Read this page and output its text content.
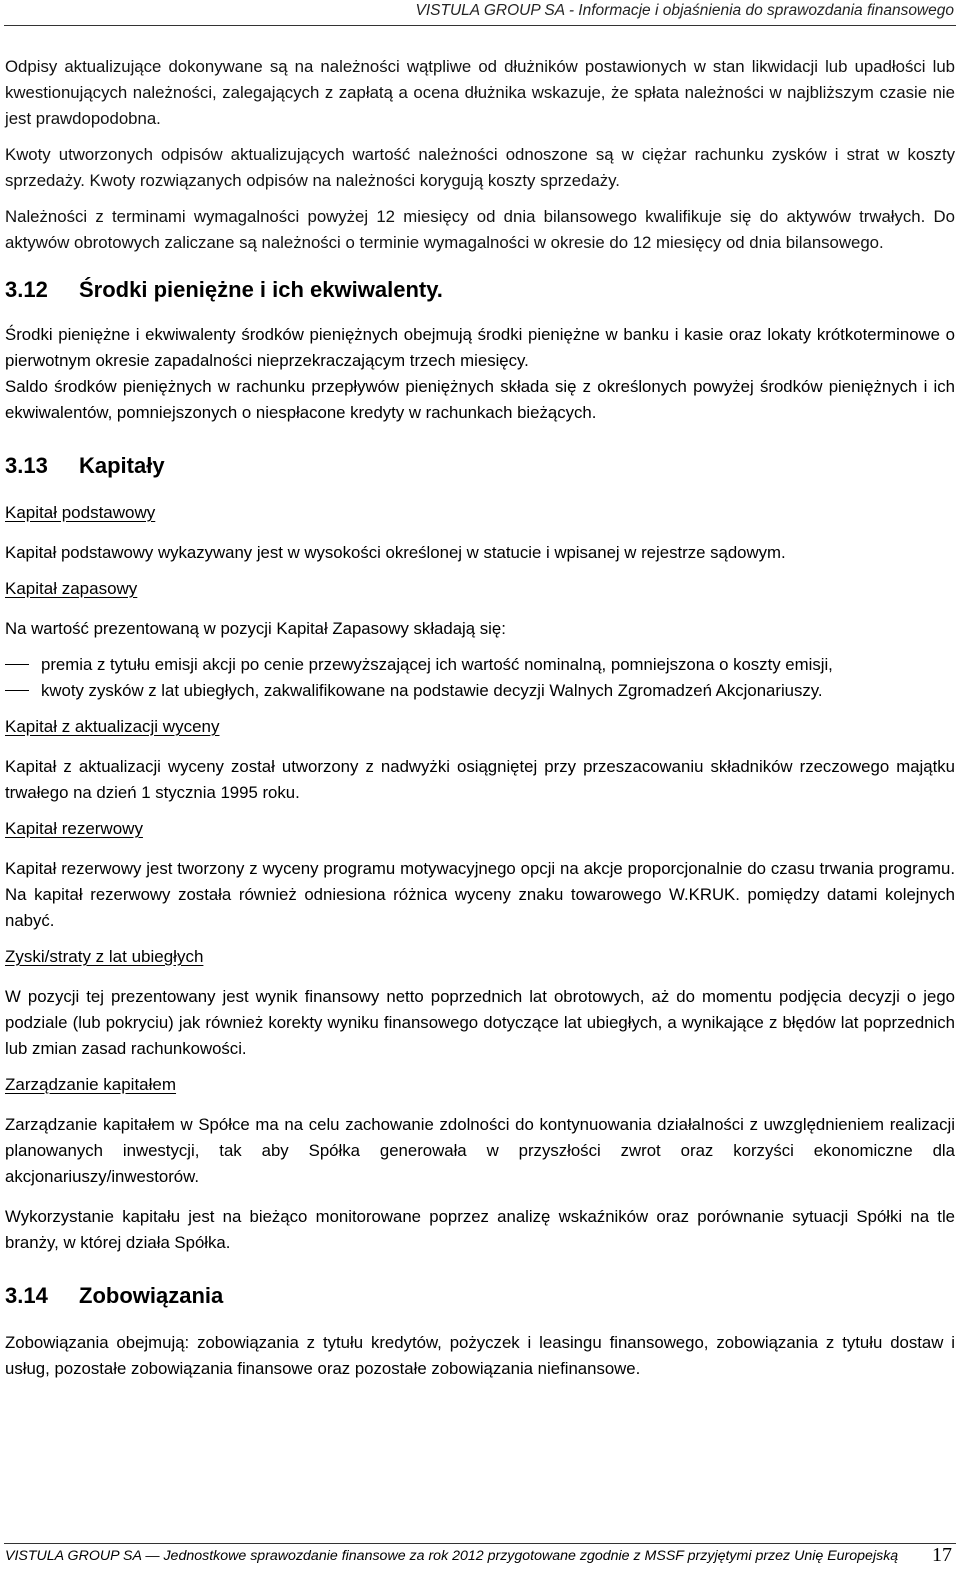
VISTULA GROUP SA - Informacje i objaśnienia do sprawozdania finansowego

Odpisy aktualizujące dokonywane są na należności wątpliwe od dłużników postawionych w stan likwidacji lub upadłości lub kwestionujących należności, zalegających z zapłatą a ocena dłużnika wskazuje, że spłata należności w najbliższym czasie nie jest prawdopodobna.

Kwoty utworzonych odpisów aktualizujących wartość należności odnoszone są w ciężar rachunku zysków i strat w koszty sprzedaży. Kwoty rozwiązanych odpisów na należności korygują koszty sprzedaży.

Należności z terminami wymagalności powyżej 12 miesięcy od dnia bilansowego kwalifikuje się do aktywów trwałych. Do aktywów obrotowych zaliczane są należności o terminie wymagalności w okresie do 12 miesięcy od dnia bilansowego.

3.12 Środki pieniężne i ich ekwiwalenty.

Środki pieniężne i ekwiwalenty środków pieniężnych obejmują środki pieniężne w banku i kasie oraz lokaty krótkoterminowe o pierwotnym okresie zapadalności nieprzekraczającym trzech miesięcy.

Saldo środków pieniężnych w rachunku przepływów pieniężnych składa się z określonych powyżej środków pieniężnych i ich ekwiwalentów, pomniejszonych o niespłacone kredyty w rachunkach bieżących.

3.13 Kapitały
Kapitał podstawowy

Kapitał podstawowy wykazywany jest w wysokości określonej w statucie i wpisanej w rejestrze sądowym.

Kapitał zapasowy

Na wartość prezentowaną w pozycji Kapitał Zapasowy składają się:

premia z tytułu emisji akcji po cenie przewyższającej ich wartość nominalną, pomniejszona o koszty emisji,
kwoty zysków z lat ubiegłych, zakwalifikowane na podstawie decyzji Walnych Zgromadzeń Akcjonariuszy.
Kapitał z aktualizacji wyceny

Kapitał z aktualizacji wyceny został utworzony z nadwyżki osiągniętej przy przeszacowaniu składników rzeczowego majątku trwałego na dzień 1 stycznia 1995 roku.

Kapitał rezerwowy

Kapitał rezerwowy jest tworzony z wyceny programu motywacyjnego opcji na akcje proporcjonalnie do czasu trwania programu. Na kapitał rezerwowy została również odniesiona różnica wyceny znaku towarowego W.KRUK. pomiędzy datami kolejnych nabyć.

Zyski/straty z lat ubiegłych

W pozycji tej prezentowany jest wynik finansowy netto poprzednich lat obrotowych, aż do momentu podjęcia decyzji o jego podziale (lub pokryciu) jak również korekty wyniku finansowego dotyczące lat ubiegłych, a wynikające z błędów lat poprzednich lub zmian zasad rachunkowości.

Zarządzanie kapitałem

Zarządzanie kapitałem w Spółce ma na celu zachowanie zdolności do kontynuowania działalności z uwzględnieniem realizacji planowanych inwestycji, tak aby Spółka generowała w przyszłości zwrot oraz korzyści ekonomiczne dla akcjonariuszy/inwestorów.

Wykorzystanie kapitału jest na bieżąco monitorowane poprzez analizę wskaźników oraz porównanie sytuacji Spółki na tle branży, w której działa Spółka.

3.14 Zobowiązania

Zobowiązania obejmują: zobowiązania z tytułu kredytów, pożyczek i leasingu finansowego, zobowiązania z tytułu dostaw i usług, pozostałe zobowiązania finansowe oraz pozostałe zobowiązania niefinansowe.

VISTULA GROUP SA — Jednostkowe sprawozdanie finansowe za rok 2012 przygotowane zgodnie z MSSF przyjętymi przez Unię Europejską 17
